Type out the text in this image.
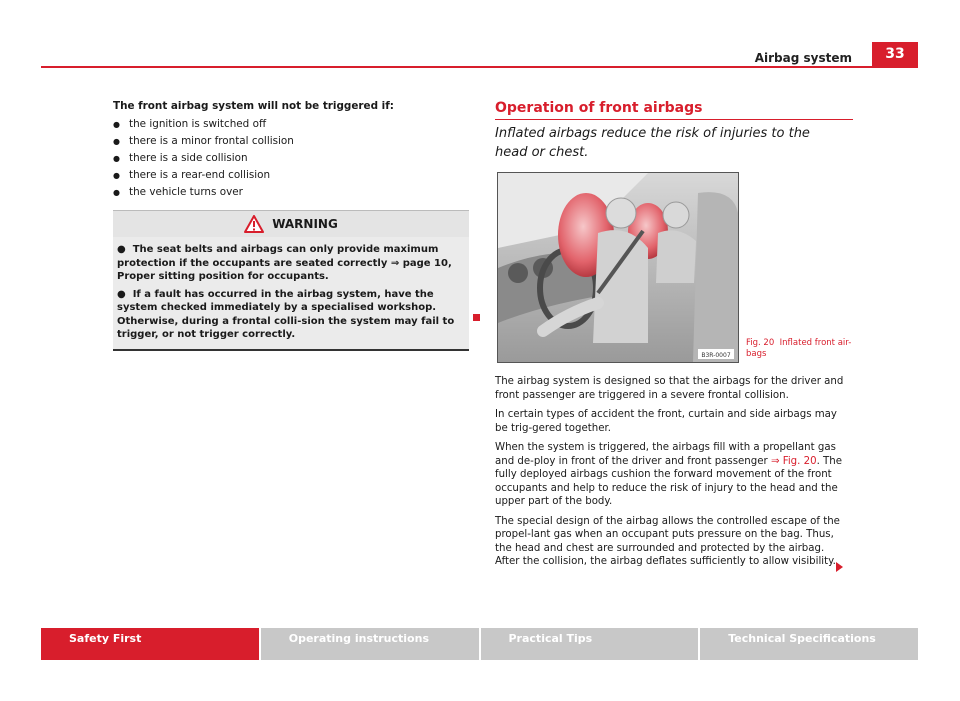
Airbag system	33
The front airbag system will not be triggered if:
● the ignition is switched off
● there is a minor frontal collision
● there is a side collision
● there is a rear-end collision
● the vehicle turns over
WARNING

●  The seat belts and airbags can only provide maximum protection if the occupants are seated correctly ⇒ page 10, Proper sitting position for occupants.

●  If a fault has occurred in the airbag system, have the system checked immediately by a specialised workshop. Otherwise, during a frontal colli-sion the system may fail to trigger, or not trigger correctly.

Operation of front airbags
Inflated airbags reduce the risk of injuries to the head or chest.
B3R-0007
Fig. 20 Inflated front air-bags

The airbag system is designed so that the airbags for the driver and front passenger are triggered in a severe frontal collision.

In certain types of accident the front, curtain and side airbags may be trig-gered together.

When the system is triggered, the airbags fill with a propellant gas and de-ploy in front of the driver and front passenger ⇒ Fig. 20. The fully deployed airbags cushion the forward movement of the front occupants and help to reduce the risk of injury to the head and the upper part of the body.

The special design of the airbag allows the controlled escape of the propel-lant gas when an occupant puts pressure on the bag. Thus, the head and chest are surrounded and protected by the airbag. After the collision, the airbag deflates sufficiently to allow visibility.

Safety First	Operating instructions	Practical Tips	Technical Specifications
